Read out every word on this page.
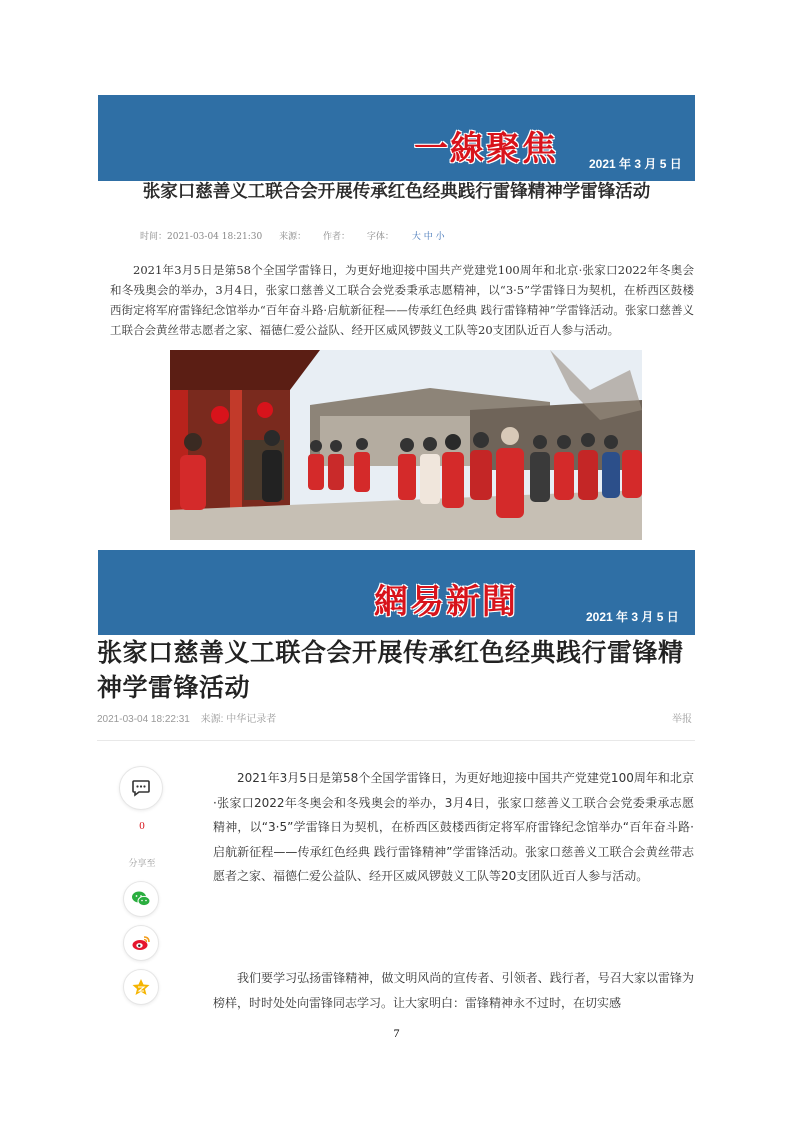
一線聚焦	2021 年 3 月 5 日
张家口慈善义工联合会开展传承红色经典践行雷锋精神学雷锋活动
时间：2021-03-04 18:21:30 来源： 作者： 字体： 大 中 小

2021年3月5日是第58个全国学雷锋日，为更好地迎接中国共产党建党100周年和北京·张家口2022年冬奥会和冬残奥会的举办，3月4日，张家口慈善义工联合会党委秉承志愿精神，以“3·5”学雷锋日为契机，在桥西区鼓楼西街定将军府雷锋纪念馆举办“百年奋斗路·启航新征程——传承红色经典 践行雷锋精神”学雷锋活动。张家口慈善义工联合会黄丝带志愿者之家、福德仁爱公益队、经开区威风锣鼓义工队等20支团队近百人参与活动。

網易新聞	2021 年 3 月 5 日
张家口慈善义工联合会开展传承红色经典践行雷锋精神学雷锋活动
2021-03-04 18:22:31 来源: 中华记录者	举报
0
分享至

2021年3月5日是第58个全国学雷锋日，为更好地迎接中国共产党建党100周年和北京·张家口2022年冬奥会和冬残奥会的举办，3月4日，张家口慈善义工联合会党委秉承志愿精神，以“3·5”学雷锋日为契机，在桥西区鼓楼西街定将军府雷锋纪念馆举办“百年奋斗路·启航新征程——传承红色经典 践行雷锋精神”学雷锋活动。张家口慈善义工联合会黄丝带志愿者之家、福德仁爱公益队、经开区威风锣鼓义工队等20支团队近百人参与活动。

我们要学习弘扬雷锋精神，做文明风尚的宣传者、引领者、践行者，号召大家以雷锋为榜样，时时处处向雷锋同志学习。让大家明白：雷锋精神永不过时，在切实感

7
